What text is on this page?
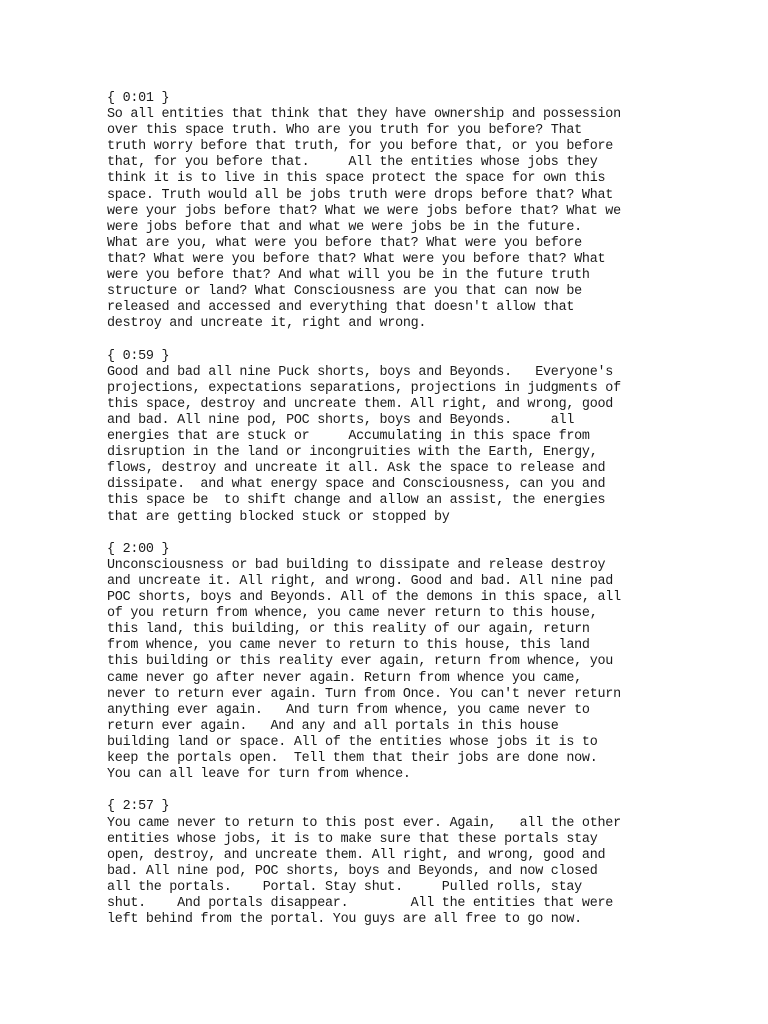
{ 0:01 }
So all entities that think that they have ownership and possession
over this space truth. Who are you truth for you before? That
truth worry before that truth, for you before that, or you before
that, for you before that.     All the entities whose jobs they
think it is to live in this space protect the space for own this
space. Truth would all be jobs truth were drops before that? What
were your jobs before that? What we were jobs before that? What we
were jobs before that and what we were jobs be in the future.
What are you, what were you before that? What were you before
that? What were you before that? What were you before that? What
were you before that? And what will you be in the future truth
structure or land? What Consciousness are you that can now be
released and accessed and everything that doesn't allow that
destroy and uncreate it, right and wrong.
{ 0:59 }
Good and bad all nine Puck shorts, boys and Beyonds.   Everyone's
projections, expectations separations, projections in judgments of
this space, destroy and uncreate them. All right, and wrong, good
and bad. All nine pod, POC shorts, boys and Beyonds.     all
energies that are stuck or     Accumulating in this space from
disruption in the land or incongruities with the Earth, Energy,
flows, destroy and uncreate it all. Ask the space to release and
dissipate.  and what energy space and Consciousness, can you and
this space be  to shift change and allow an assist, the energies
that are getting blocked stuck or stopped by
{ 2:00 }
Unconsciousness or bad building to dissipate and release destroy
and uncreate it. All right, and wrong. Good and bad. All nine pad
POC shorts, boys and Beyonds. All of the demons in this space, all
of you return from whence, you came never return to this house,
this land, this building, or this reality of our again, return
from whence, you came never to return to this house, this land
this building or this reality ever again, return from whence, you
came never go after never again. Return from whence you came,
never to return ever again. Turn from Once. You can't never return
anything ever again.   And turn from whence, you came never to
return ever again.   And any and all portals in this house
building land or space. All of the entities whose jobs it is to
keep the portals open.  Tell them that their jobs are done now.
You can all leave for turn from whence.
{ 2:57 }
You came never to return to this post ever. Again,   all the other
entities whose jobs, it is to make sure that these portals stay
open, destroy, and uncreate them. All right, and wrong, good and
bad. All nine pod, POC shorts, boys and Beyonds, and now closed
all the portals.    Portal. Stay shut.     Pulled rolls, stay
shut.    And portals disappear.        All the entities that were
left behind from the portal. You guys are all free to go now.
